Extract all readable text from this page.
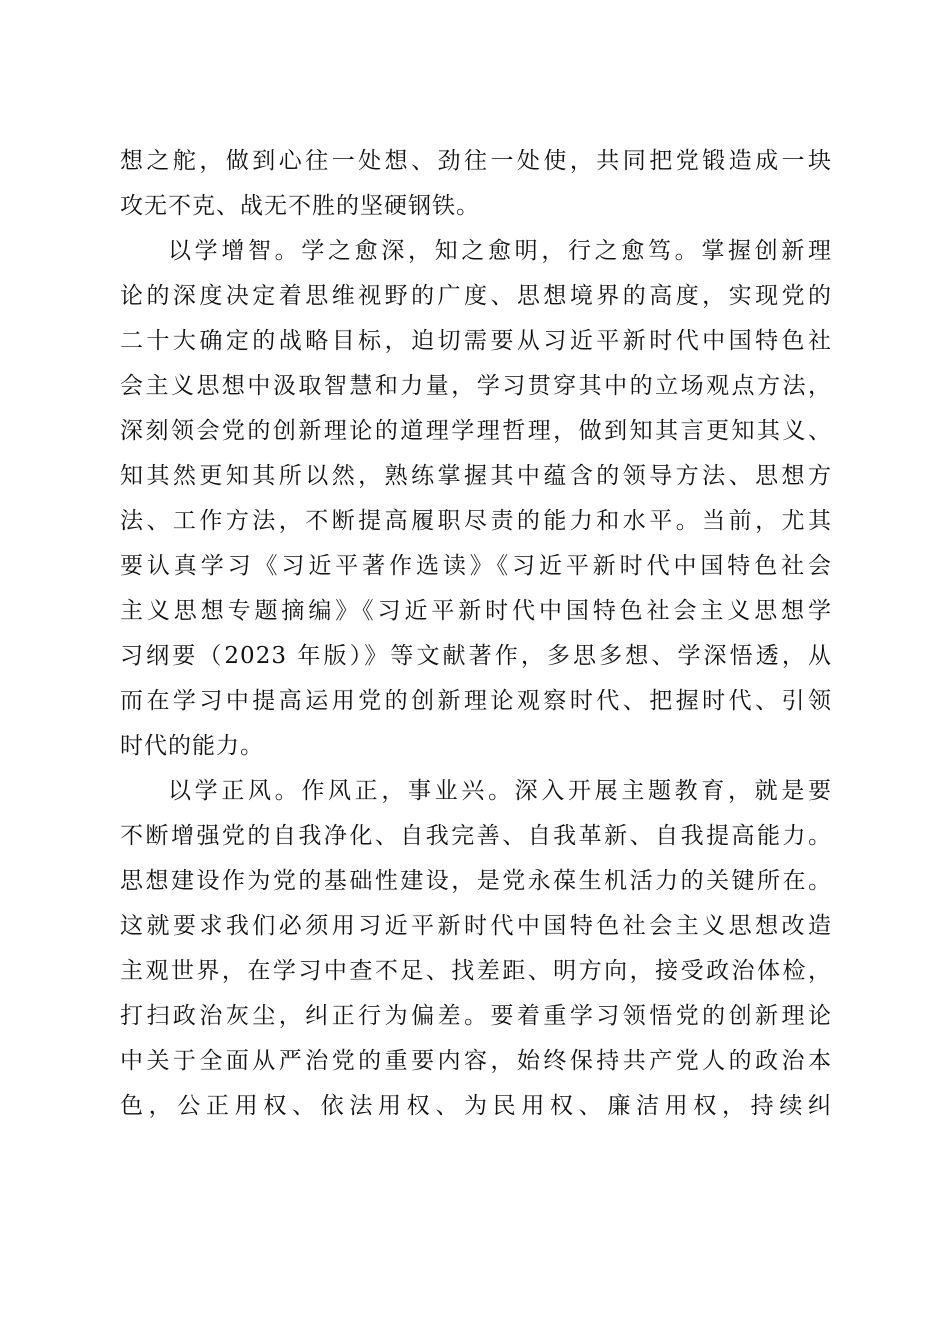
想之舵，做到心往一处想、劲往一处使，共同把党锻造成一块
攻无不克、战无不胜的坚硬钢铁。
以学增智。学之愈深，知之愈明，行之愈笃。掌握创新理
论的深度决定着思维视野的广度、思想境界的高度，实现党的
二十大确定的战略目标，迫切需要从习近平新时代中国特色社
会主义思想中汲取智慧和力量，学习贯穿其中的立场观点方法，
深刻领会党的创新理论的道理学理哲理，做到知其言更知其义、
知其然更知其所以然，熟练掌握其中蕴含的领导方法、思想方
法、工作方法，不断提高履职尽责的能力和水平。当前，尤其
要认真学习《习近平著作选读》《习近平新时代中国特色社会
主义思想专题摘编》《习近平新时代中国特色社会主义思想学
习纲要（2023 年版）》等文献著作，多思多想、学深悟透，从
而在学习中提高运用党的创新理论观察时代、把握时代、引领
时代的能力。
以学正风。作风正，事业兴。深入开展主题教育，就是要
不断增强党的自我净化、自我完善、自我革新、自我提高能力。
思想建设作为党的基础性建设，是党永葆生机活力的关键所在。
这就要求我们必须用习近平新时代中国特色社会主义思想改造
主观世界，在学习中查不足、找差距、明方向，接受政治体检，
打扫政治灰尘，纠正行为偏差。要着重学习领悟党的创新理论
中关于全面从严治党的重要内容，始终保持共产党人的政治本
色，公正用权、依法用权、为民用权、廉洁用权，持续纠
